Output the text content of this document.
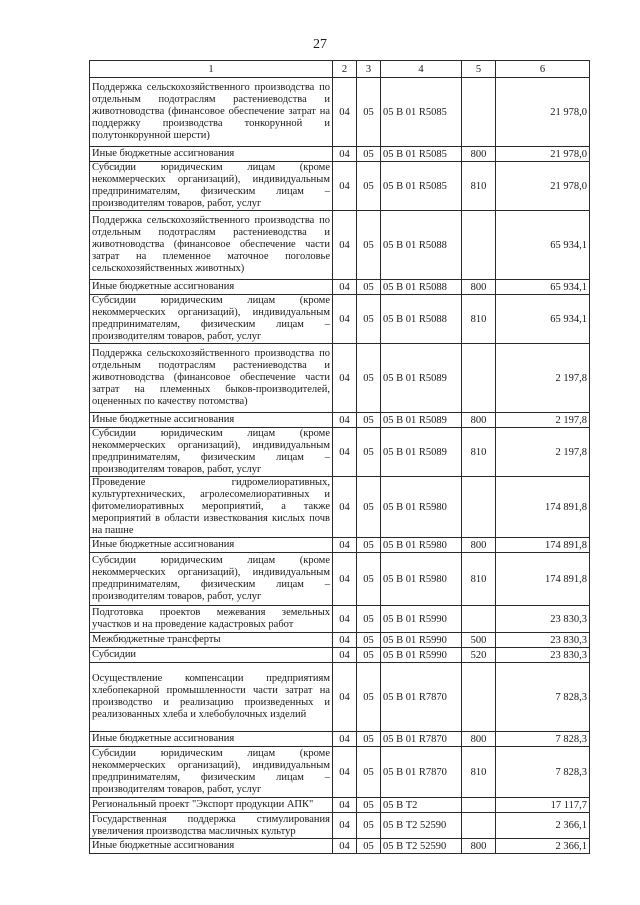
27
1	2	3	4	5	6
Поддержка сельскохозяйственного производства по отдельным подотраслям растениеводства и животноводства (финансовое обеспечение затрат на поддержку производства тонкорунной и полутонкорунной шерсти)	04	05	05 В 01 R5085		21 978,0
Иные бюджетные ассигнования	04	05	05 В 01 R5085	800	21 978,0
Субсидии юридическим лицам (кроме некоммерческих организаций), индивидуальным предпринимателям, физическим лицам – производителям товаров, работ, услуг	04	05	05 В 01 R5085	810	21 978,0
Поддержка сельскохозяйственного производства по отдельным подотраслям растениеводства и животноводства (финансовое обеспечение части затрат на племенное маточное поголовье сельскохозяйственных животных)	04	05	05 В 01 R5088		65 934,1
Иные бюджетные ассигнования	04	05	05 В 01 R5088	800	65 934,1
Субсидии юридическим лицам (кроме некоммерческих организаций), индивидуальным предпринимателям, физическим лицам – производителям товаров, работ, услуг	04	05	05 В 01 R5088	810	65 934,1
Поддержка сельскохозяйственного производства по отдельным подотраслям растениеводства и животноводства (финансовое обеспечение части затрат на племенных быков-производителей, оцененных по качеству потомства)	04	05	05 В 01 R5089		2 197,8
Иные бюджетные ассигнования	04	05	05 В 01 R5089	800	2 197,8
Субсидии юридическим лицам (кроме некоммерческих организаций), индивидуальным предпринимателям, физическим лицам – производителям товаров, работ, услуг	04	05	05 В 01 R5089	810	2 197,8
Проведение гидромелиоративных, культуртехнических, агролесомелиоративных и фитомелиоративных мероприятий, а также мероприятий в области известкования кислых почв на пашне	04	05	05 В 01 R5980		174 891,8
Иные бюджетные ассигнования	04	05	05 В 01 R5980	800	174 891,8
Субсидии юридическим лицам (кроме некоммерческих организаций), индивидуальным предпринимателям, физическим лицам – производителям товаров, работ, услуг	04	05	05 В 01 R5980	810	174 891,8
Подготовка проектов межевания земельных участков и на проведение кадастровых работ	04	05	05 В 01 R5990		23 830,3
Межбюджетные трансферты	04	05	05 В 01 R5990	500	23 830,3
Субсидии	04	05	05 В 01 R5990	520	23 830,3
Осуществление компенсации предприятиям хлебопекарной промышленности части затрат на производство и реализацию произведенных и реализованных хлеба и хлебобулочных изделий	04	05	05 В 01 R7870		7 828,3
Иные бюджетные ассигнования	04	05	05 В 01 R7870	800	7 828,3
Субсидии юридическим лицам (кроме некоммерческих организаций), индивидуальным предпринимателям, физическим лицам – производителям товаров, работ, услуг	04	05	05 В 01 R7870	810	7 828,3
Региональный проект "Экспорт продукции АПК"	04	05	05 В T2		17 117,7
Государственная поддержка стимулирования увеличения производства масличных культур	04	05	05 В T2 52590		2 366,1
Иные бюджетные ассигнования	04	05	05 В T2 52590	800	2 366,1
